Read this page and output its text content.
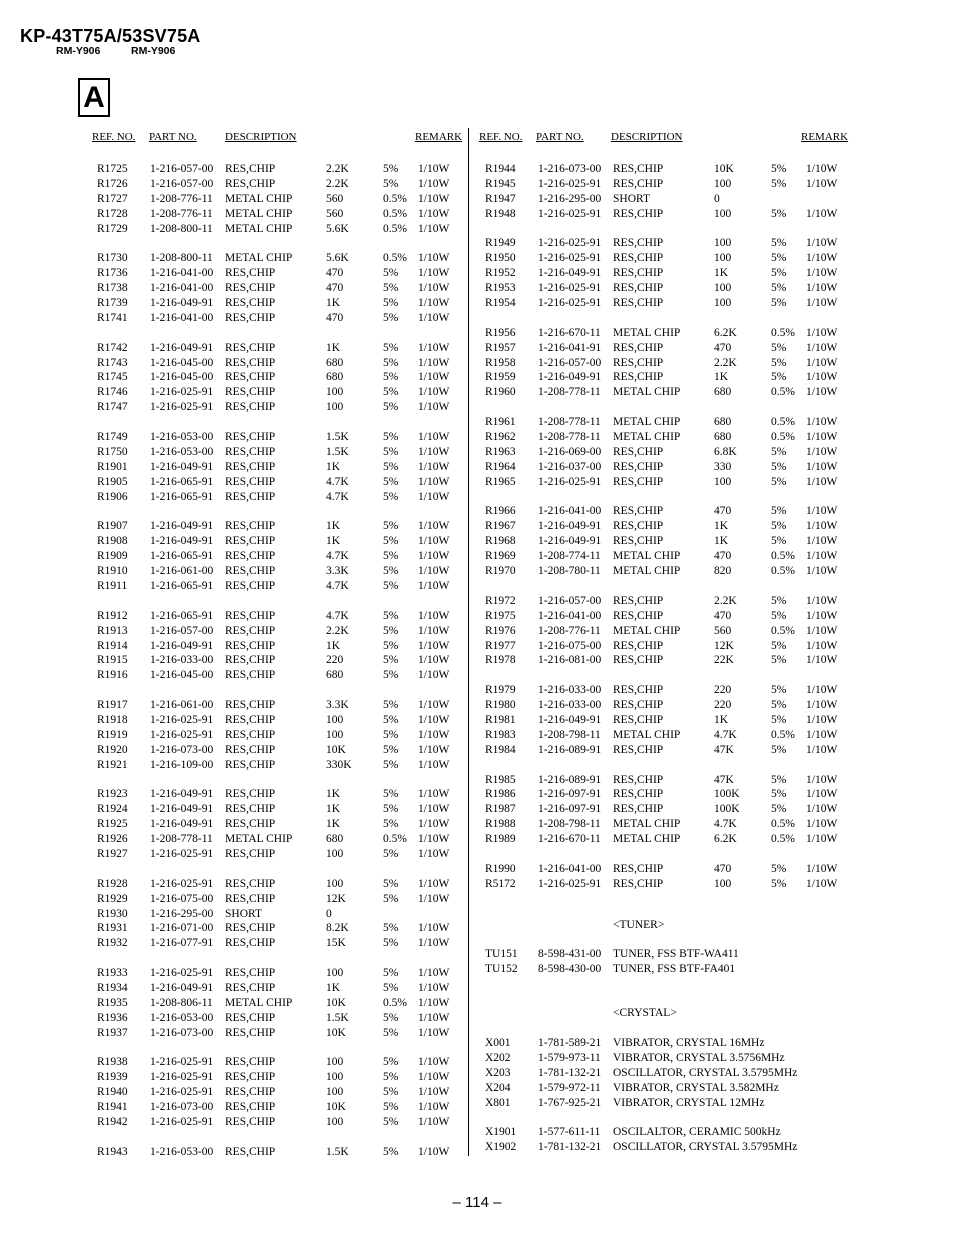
KP-43T75A/53SV75A
RM-Y906	RM-Y906
A
REF. NO. PART NO.	DESCRIPTION	REMARK REF. NO. PART NO. DESCRIPTION	REMARK
R1725 1-216-057-00 RES,CHIP	2.2K	5% 1/10W
R1726 1-216-057-00 RES,CHIP	2.2K	5% 1/10W
R1727 1-208-776-11 METAL CHIP	560	0.5% 1/10W
R1728 1-208-776-11 METAL CHIP	560	0.5% 1/10W
R1729 1-208-800-11 METAL CHIP	5.6K	0.5% 1/10W
R1730 1-208-800-11 METAL CHIP	5.6K	0.5% 1/10W
R1736 1-216-041-00 RES,CHIP	470	5% 1/10W
R1738 1-216-041-00 RES,CHIP	470	5% 1/10W
R1739 1-216-049-91 RES,CHIP	1K	5% 1/10W
R1741 1-216-041-00 RES,CHIP	470	5% 1/10W
R1742 1-216-049-91 RES,CHIP	1K	5% 1/10W
R1743 1-216-045-00 RES,CHIP	680	5% 1/10W
R1745 1-216-045-00 RES,CHIP	680	5% 1/10W
R1746 1-216-025-91 RES,CHIP	100	5% 1/10W
R1747 1-216-025-91 RES,CHIP	100	5% 1/10W
R1749 1-216-053-00 RES,CHIP	1.5K	5% 1/10W
R1750 1-216-053-00 RES,CHIP	1.5K	5% 1/10W
R1901 1-216-049-91 RES,CHIP	1K	5% 1/10W
R1905 1-216-065-91 RES,CHIP	4.7K	5% 1/10W
R1906 1-216-065-91 RES,CHIP	4.7K	5% 1/10W
R1907 1-216-049-91 RES,CHIP	1K	5% 1/10W
R1908 1-216-049-91 RES,CHIP	1K	5% 1/10W
R1909 1-216-065-91 RES,CHIP	4.7K	5% 1/10W
R1910 1-216-061-00 RES,CHIP	3.3K	5% 1/10W
R1911 1-216-065-91 RES,CHIP	4.7K	5% 1/10W
R1912 1-216-065-91 RES,CHIP	4.7K	5% 1/10W
R1913 1-216-057-00 RES,CHIP	2.2K	5% 1/10W
R1914 1-216-049-91 RES,CHIP	1K	5% 1/10W
R1915 1-216-033-00 RES,CHIP	220	5% 1/10W
R1916 1-216-045-00 RES,CHIP	680	5% 1/10W
R1917 1-216-061-00 RES,CHIP	3.3K	5% 1/10W
R1918 1-216-025-91 RES,CHIP	100	5% 1/10W
R1919 1-216-025-91 RES,CHIP	100	5% 1/10W
R1920 1-216-073-00 RES,CHIP	10K	5% 1/10W
R1921 1-216-109-00 RES,CHIP	330K	5% 1/10W
R1923 1-216-049-91 RES,CHIP	1K	5% 1/10W
R1924 1-216-049-91 RES,CHIP	1K	5% 1/10W
R1925 1-216-049-91 RES,CHIP	1K	5% 1/10W
R1926 1-208-778-11 METAL CHIP	680	0.5% 1/10W
R1927 1-216-025-91 RES,CHIP	100	5% 1/10W
R1928 1-216-025-91 RES,CHIP	100	5% 1/10W
R1929 1-216-075-00 RES,CHIP	12K	5% 1/10W
R1930 1-216-295-00 SHORT	0
R1931 1-216-071-00 RES,CHIP	8.2K	5% 1/10W
R1932 1-216-077-91 RES,CHIP	15K	5% 1/10W
R1933 1-216-025-91 RES,CHIP	100	5% 1/10W
R1934 1-216-049-91 RES,CHIP	1K	5% 1/10W
R1935 1-208-806-11 METAL CHIP	10K	0.5% 1/10W
R1936 1-216-053-00 RES,CHIP	1.5K	5% 1/10W
R1937 1-216-073-00 RES,CHIP	10K	5% 1/10W
R1938 1-216-025-91 RES,CHIP	100	5% 1/10W
R1939 1-216-025-91 RES,CHIP	100	5% 1/10W
R1940 1-216-025-91 RES,CHIP	100	5% 1/10W
R1941 1-216-073-00 RES,CHIP	10K	5% 1/10W
R1942 1-216-025-91 RES,CHIP	100	5% 1/10W
R1943 1-216-053-00 RES,CHIP	1.5K	5% 1/10W
R1944 1-216-073-00 RES,CHIP	10K	5% 1/10W
R1945 1-216-025-91 RES,CHIP	100	5% 1/10W
R1947 1-216-295-00 SHORT	0
R1948 1-216-025-91 RES,CHIP	100	5% 1/10W
R1949 1-216-025-91 RES,CHIP	100	5% 1/10W
R1950 1-216-025-91 RES,CHIP	100	5% 1/10W
R1952 1-216-049-91 RES,CHIP	1K	5% 1/10W
R1953 1-216-025-91 RES,CHIP	100	5% 1/10W
R1954 1-216-025-91 RES,CHIP	100	5% 1/10W
R1956 1-216-670-11 METAL CHIP	6.2K	0.5% 1/10W
R1957 1-216-041-91 RES,CHIP	470	5% 1/10W
R1958 1-216-057-00 RES,CHIP	2.2K	5% 1/10W
R1959 1-216-049-91 RES,CHIP	1K	5% 1/10W
R1960 1-208-778-11 METAL CHIP	680	0.5% 1/10W
R1961 1-208-778-11 METAL CHIP	680	0.5% 1/10W
R1962 1-208-778-11 METAL CHIP	680	0.5% 1/10W
R1963 1-216-069-00 RES,CHIP	6.8K	5% 1/10W
R1964 1-216-037-00 RES,CHIP	330	5% 1/10W
R1965 1-216-025-91 RES,CHIP	100	5% 1/10W
R1966 1-216-041-00 RES,CHIP	470	5% 1/10W
R1967 1-216-049-91 RES,CHIP	1K	5% 1/10W
R1968 1-216-049-91 RES,CHIP	1K	5% 1/10W
R1969 1-208-774-11 METAL CHIP	470	0.5% 1/10W
R1970 1-208-780-11 METAL CHIP	820	0.5% 1/10W
R1972 1-216-057-00 RES,CHIP	2.2K	5% 1/10W
R1975 1-216-041-00 RES,CHIP	470	5% 1/10W
R1976 1-208-776-11 METAL CHIP	560	0.5% 1/10W
R1977 1-216-075-00 RES,CHIP	12K	5% 1/10W
R1978 1-216-081-00 RES,CHIP	22K	5% 1/10W
R1979 1-216-033-00 RES,CHIP	220	5% 1/10W
R1980 1-216-033-00 RES,CHIP	220	5% 1/10W
R1981 1-216-049-91 RES,CHIP	1K	5% 1/10W
R1983 1-208-798-11 METAL CHIP	4.7K	0.5% 1/10W
R1984 1-216-089-91 RES,CHIP	47K	5% 1/10W
R1985 1-216-089-91 RES,CHIP	47K	5% 1/10W
R1986 1-216-097-91 RES,CHIP	100K	5% 1/10W
R1987 1-216-097-91 RES,CHIP	100K	5% 1/10W
R1988 1-208-798-11 METAL CHIP	4.7K	0.5% 1/10W
R1989 1-216-670-11 METAL CHIP	6.2K	0.5% 1/10W
R1990 1-216-041-00 RES,CHIP	470	5% 1/10W
R5172 1-216-025-91 RES,CHIP	100	5% 1/10W
<TUNER>
TU151 8-598-431-00 TUNER, FSS BTF-WA411
TU152 8-598-430-00 TUNER, FSS BTF-FA401
<CRYSTAL>
X001 1-781-589-21 VIBRATOR, CRYSTAL 16MHz
X202 1-579-973-11 VIBRATOR, CRYSTAL 3.5756MHz
X203 1-781-132-21 OSCILLATOR, CRYSTAL 3.5795MHz
X204 1-579-972-11 VIBRATOR, CRYSTAL 3.582MHz
X801 1-767-925-21 VIBRATOR, CRYSTAL 12MHz
X1901 1-577-611-11 OSCILALTOR, CERAMIC 500kHz
X1902 1-781-132-21 OSCILLATOR, CRYSTAL 3.5795MHz
– 114 –
